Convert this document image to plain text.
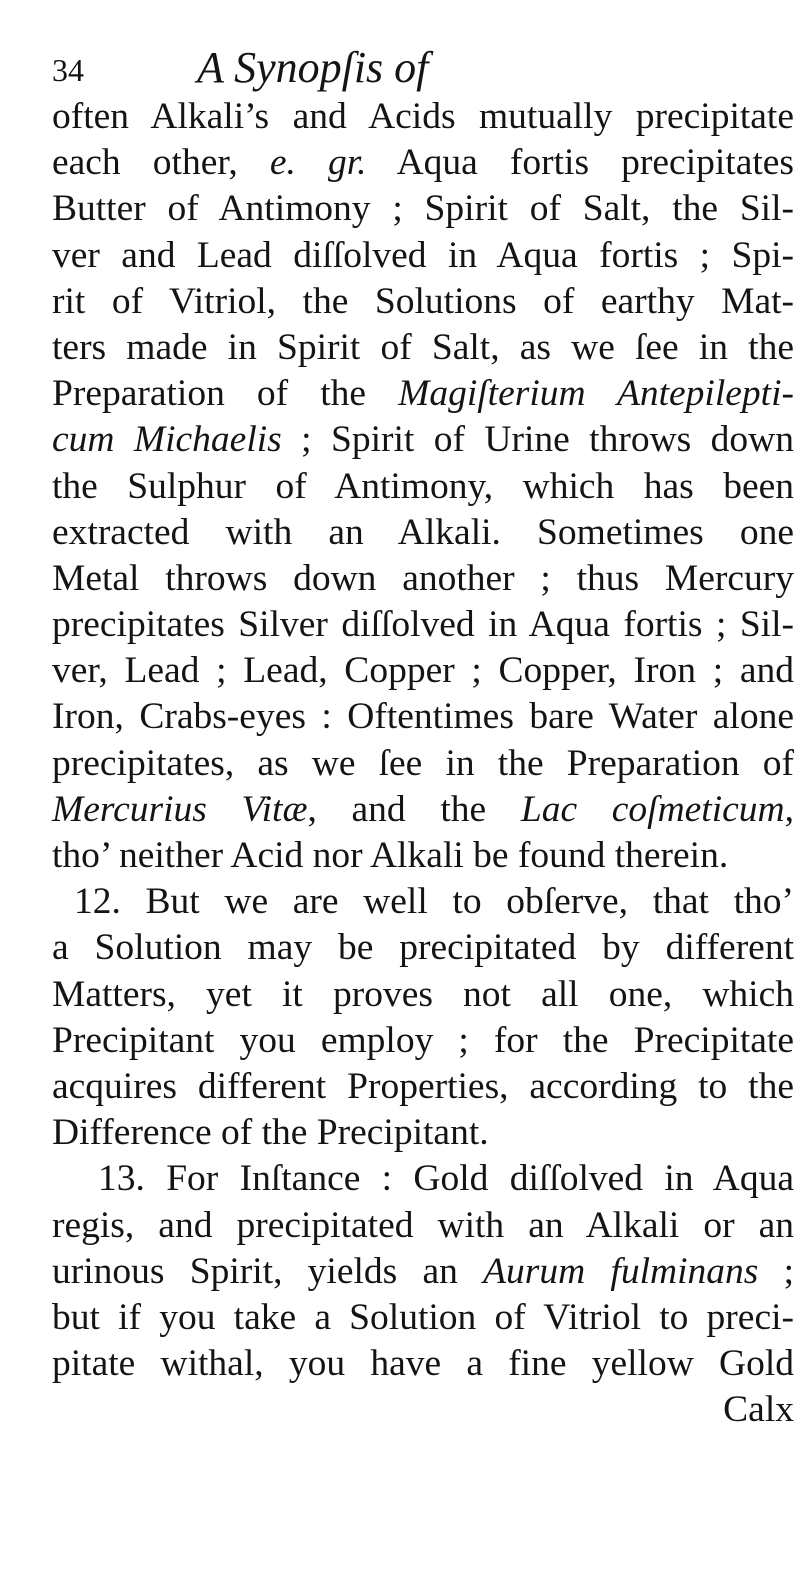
34	A Synopſis of
often Alkali’s and Acids mutually precipitate
each other, e. gr. Aqua fortis precipitates
Butter of Antimony ; Spirit of Salt, the Sil-
ver and Lead diſſolved in Aqua fortis ; Spi-
rit of Vitriol, the Solutions of earthy Mat-
ters made in Spirit of Salt, as we ſee in the
Preparation of the Magiſterium Antepilepti-
cum Michaelis ; Spirit of Urine throws down
the Sulphur of Antimony, which has been
extracted with an Alkali. Sometimes one
Metal throws down another ; thus Mercury
precipitates Silver diſſolved in Aqua fortis ; Sil-
ver, Lead ; Lead, Copper ; Copper, Iron ; and
Iron, Crabs-eyes : Oftentimes bare Water alone
precipitates, as we ſee in the Preparation of
Mercurius Vitæ, and the Lac coſmeticum,
tho’ neither Acid nor Alkali be found therein.
12. But we are well to obſerve, that tho’
a Solution may be precipitated by different
Matters, yet it proves not all one, which
Precipitant you employ ; for the Precipitate
acquires different Properties, according to the
Difference of the Precipitant.
13. For Inſtance : Gold diſſolved in Aqua
regis, and precipitated with an Alkali or an
urinous Spirit, yields an Aurum fulminans ;
but if you take a Solution of Vitriol to preci-
pitate withal, you have a fine yellow Gold
Calx
